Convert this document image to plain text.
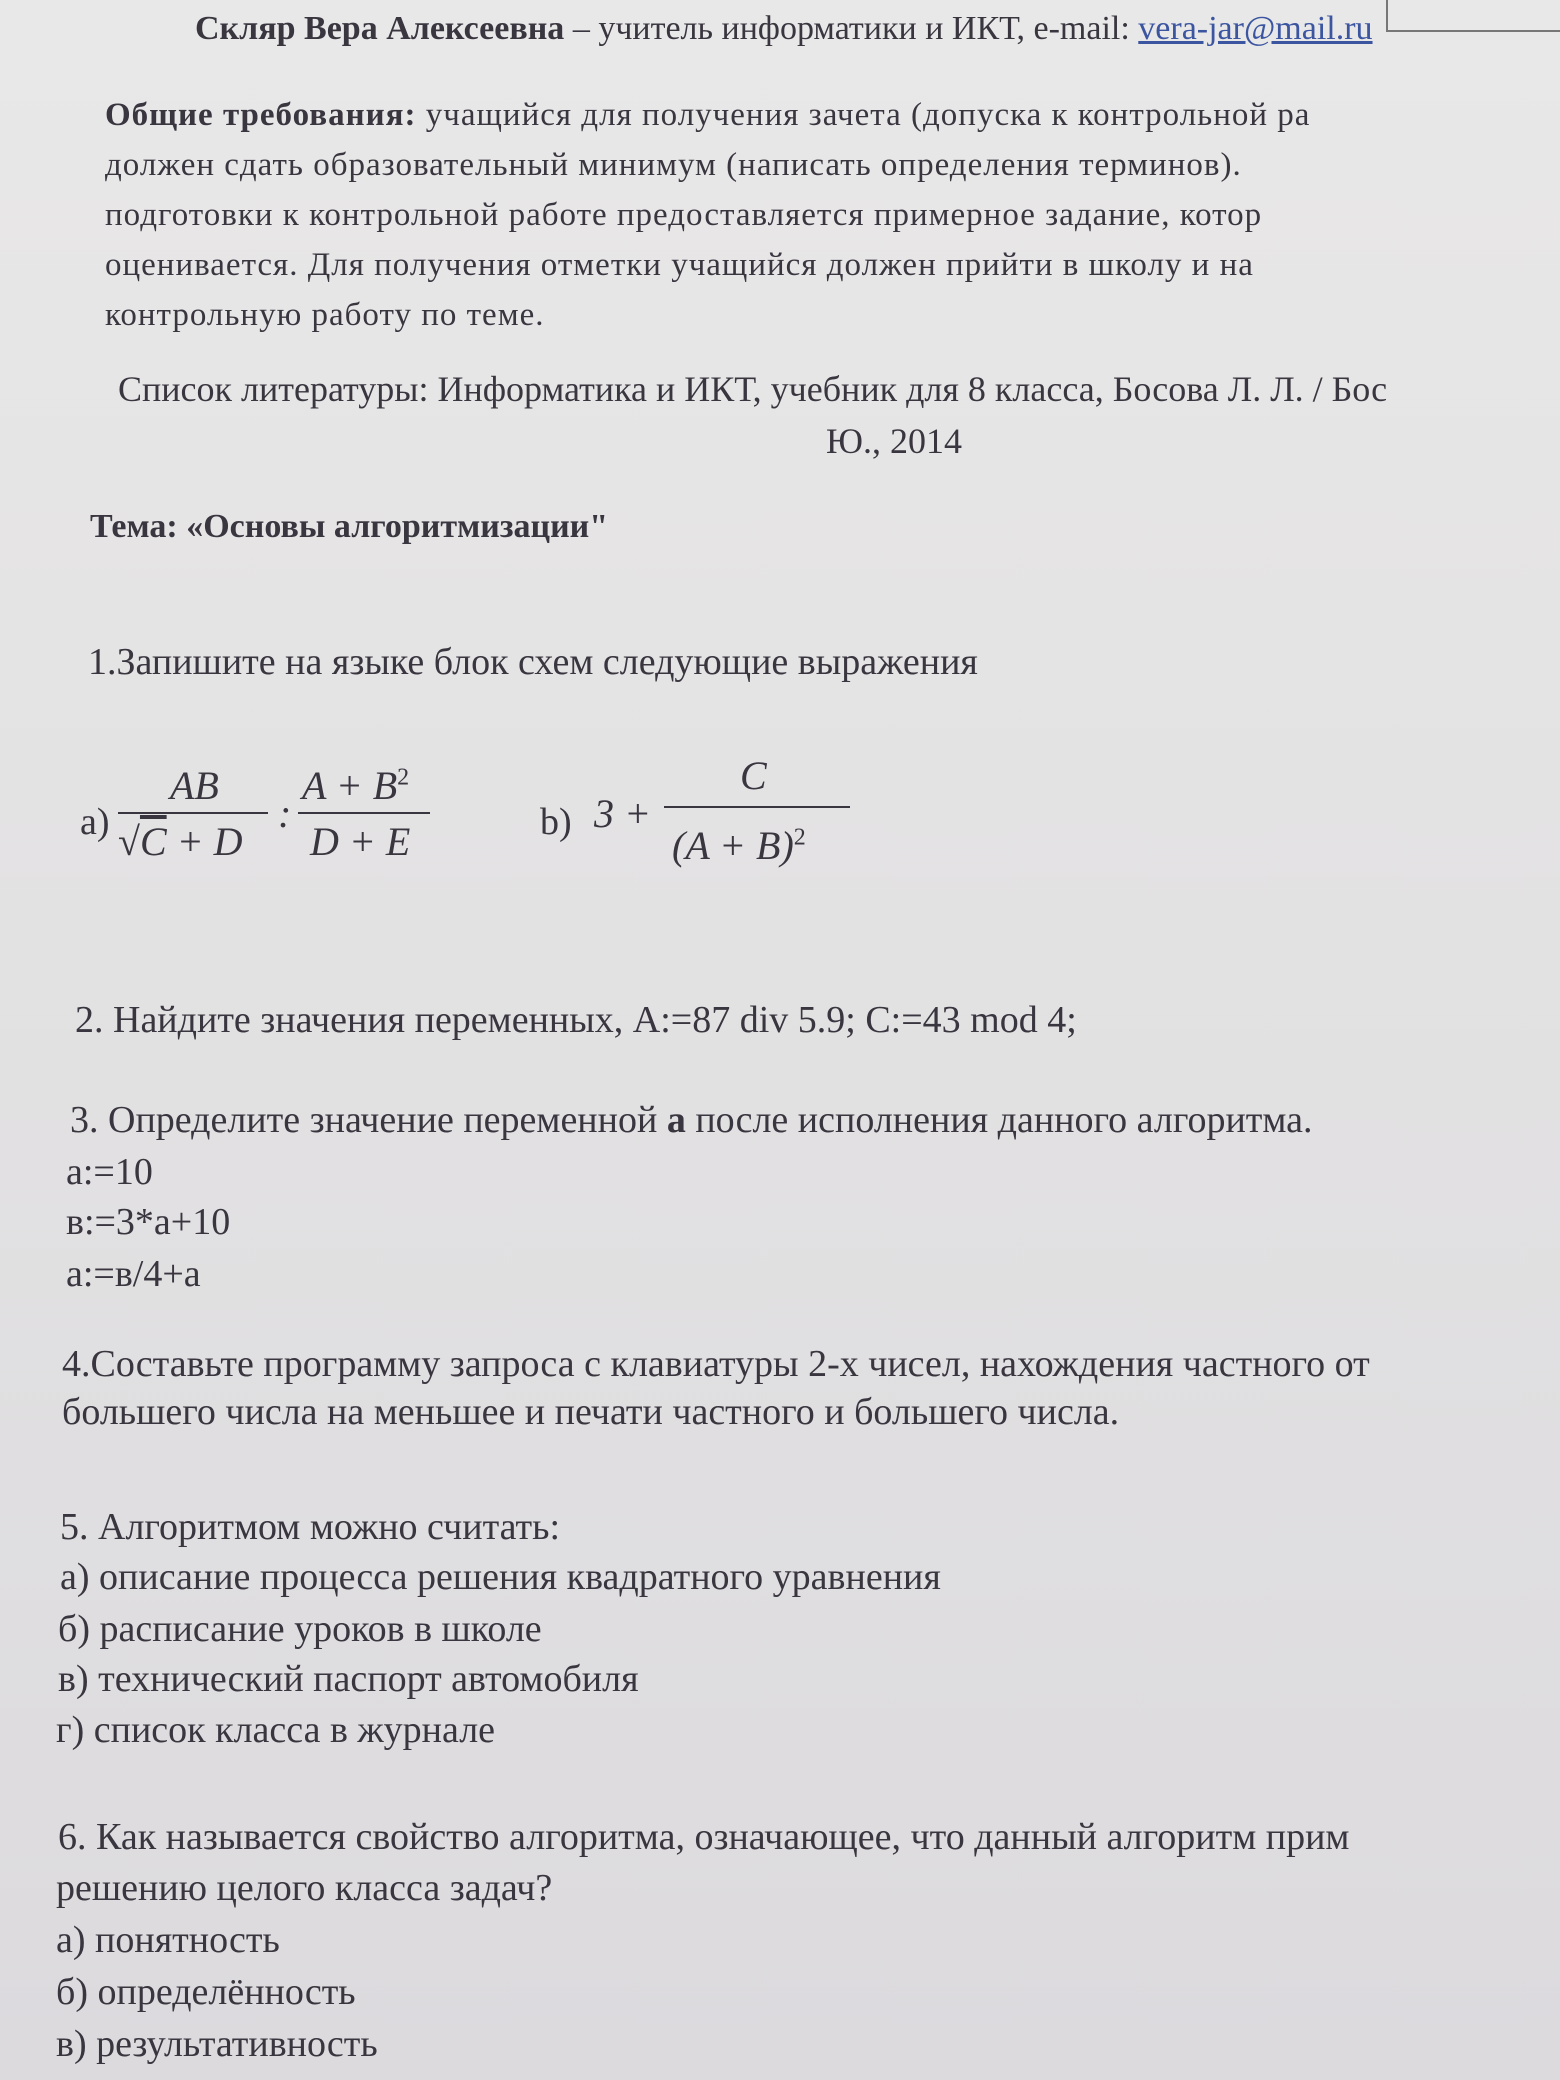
Скляр Вера Алексеевна – учитель информатики и ИКТ, e-mail: vera-jar@mail.ru
Общие требования: учащийся для получения зачета (допуска к контрольной ра
должен сдать образовательный минимум (написать определения терминов).
подготовки к контрольной работе предоставляется примерное задание, котор
оценивается. Для получения отметки учащийся должен прийти в школу и на
контрольную работу по теме.
Список литературы: Информатика и ИКТ, учебник для 8 класса, Босова Л. Л. / Бос
Ю., 2014
Тема: «Основы алгоритмизации"
1.Запишите на языке блок схем следующие выражения
а)
AB
√C + D
:
$A + B^2$
D + E	b) 3 +
C
$(A + B)^2$
2. Найдите значения переменных, А:=87 div 5.9; С:=43 mod 4;
3. Определите значение переменной а после исполнения данного алгоритма.
а:=10
в:=3*а+10
а:=в/4+а
4.Составьте программу запроса с клавиатуры 2-х чисел, нахождения частного от
большего числа на меньшее и печати частного и большего числа.
5. Алгоритмом можно считать:
а) описание процесса решения квадратного уравнения
б) расписание уроков в школе
в) технический паспорт автомобиля
г) список класса в журнале
6. Как называется свойство алгоритма, означающее, что данный алгоритм прим
решению целого класса задач?
а) понятность
б) определённость
в) результативность
